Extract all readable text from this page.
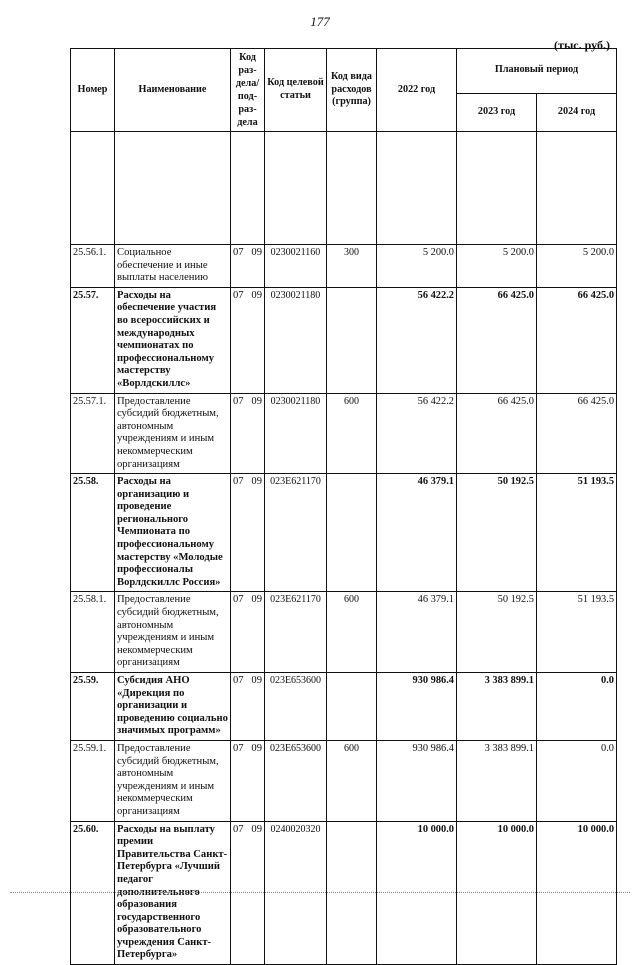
177
(тыс. руб.)
Номер	Наименование	Код раз-дела/ под-раз-дела	Код целевой статьи	Код вида расходов (группа)	2022 год	Плановый период	
						2023 год	2024 год

25.56.1.	Социальное обеспечение и иные выплаты населению	07 09	0230021160	300	5 200.0	5 200.0	5 200.0
25.57.	Расходы на обеспечение участия во всероссийских и международных чемпионатах по профессиональному мастерству «Ворлдскиллс»	07 09	0230021180		56 422.2	66 425.0	66 425.0
25.57.1.	Предоставление субсидий бюджетным, автономным учреждениям и иным некоммерческим организациям	07 09	0230021180	600	56 422.2	66 425.0	66 425.0
25.58.	Расходы на организацию и проведение регионального Чемпионата по профессиональному мастерству «Молодые профессионалы Ворлдскиллс Россия»	07 09	023E621170		46 379.1	50 192.5	51 193.5
25.58.1.	Предоставление субсидий бюджетным, автономным учреждениям и иным некоммерческим организациям	07 09	023E621170	600	46 379.1	50 192.5	51 193.5
25.59.	Субсидия АНО «Дирекция по организации и проведению социально значимых программ»	07 09	023E653600		930 986.4	3 383 899.1	0.0
25.59.1.	Предоставление субсидий бюджетным, автономным учреждениям и иным некоммерческим организациям	07 09	023E653600	600	930 986.4	3 383 899.1	0.0
25.60.	Расходы на выплату премии Правительства Санкт-Петербурга «Лучший педагог дополнительного образования государственного образовательного учреждения Санкт-Петербурга»	07 09	0240020320		10 000.0	10 000.0	10 000.0
